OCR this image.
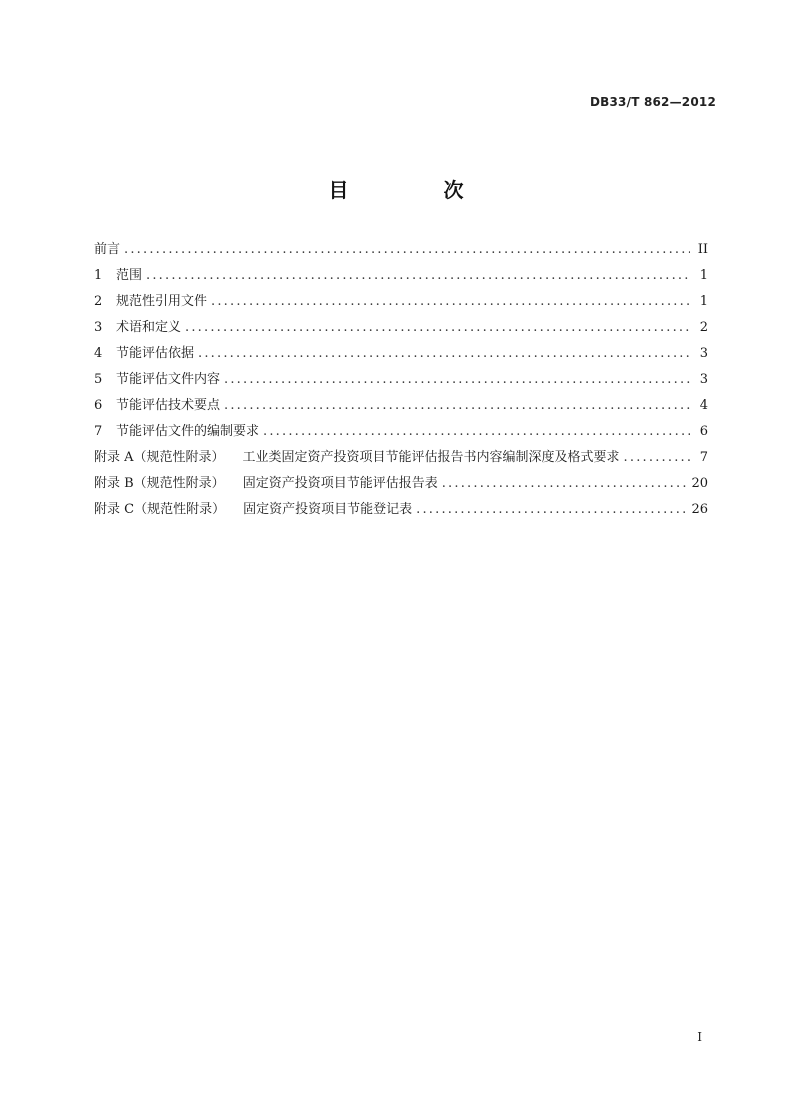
DB33/T 862—2012
目 次
前言 .....	II
1	范围 .....	1
2	规范性引用文件 .....	1
3	术语和定义 .....	2
4	节能评估依据 .....	3
5	节能评估文件内容 .....	3
6	节能评估技术要点 .....	4
7	节能评估文件的编制要求 .....	6
附录 A（规范性附录） 工业类固定资产投资项目节能评估报告书内容编制深度及格式要求 .....	7
附录 B（规范性附录） 固定资产投资项目节能评估报告表 .....	20
附录 C（规范性附录） 固定资产投资项目节能登记表 .....	26
I
